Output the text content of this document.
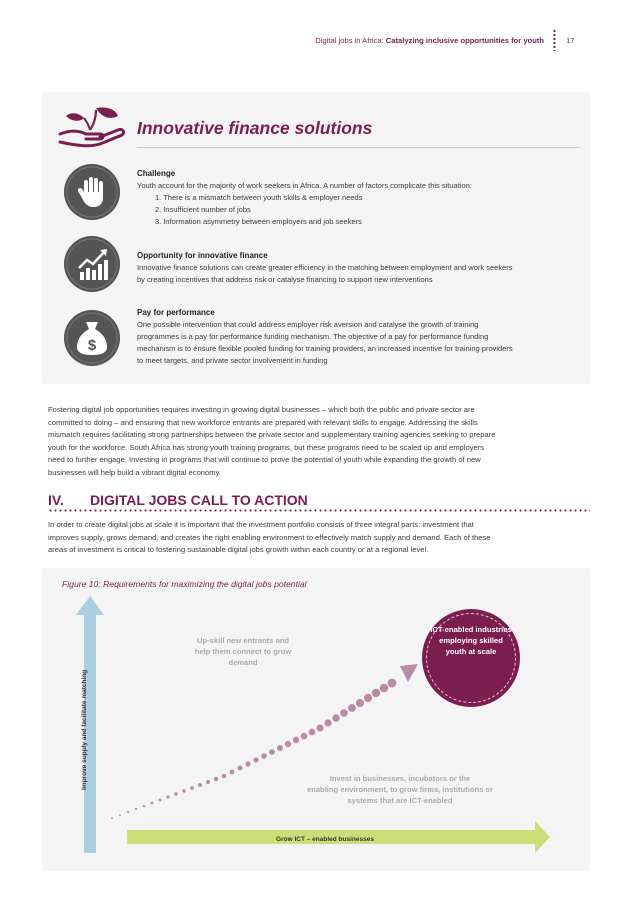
Digital jobs in Africa: Catalyzing inclusive opportunities for youth	17
Innovative finance solutions
$
Challenge
Youth account for the majority of work seekers in Africa. A number of factors complicate this situation:
1. There is a mismatch between youth skills & employer needs
2. Insufficient number of jobs
3. Information asymmetry between employers and job seekers
Opportunity for innovative finance
Innovative finance solutions can create greater efficiency in the matching between employment and work seekers
by creating incentives that address risk or catalyse financing to support new interventions
Pay for performance
One possible intervention that could address employer risk aversion and catalyse the growth of training
programmes is a pay for performance funding mechanism. The objective of a pay for performance funding
mechanism is to ensure flexible pooled funding for training providers, an increased incentive for training providers
to meet targets, and private sector involvement in funding
Fostering digital job opportunities requires investing in growing digital businesses – which both the public and private sector are
committed to doing – and ensuring that new workforce entrants are prepared with relevant skills to engage. Addressing the skills
mismatch requires facilitating strong partnerships between the private sector and supplementary training agencies seeking to prepare
youth for the workforce. South Africa has strong youth training programs, but these programs need to be scaled up and employers
need to further engage. Investing in programs that will continue to prove the potential of youth while expanding the growth of new
businesses will help build a vibrant digital economy.
IV. DIGITAL JOBS CALL TO ACTION
In order to create digital jobs at scale it is important that the investment portfolio consists of three integral parts: investment that
improves supply, grows demand, and creates the right enabling environment to effectively match supply and demand. Each of these
areas of investment is critical to fostering sustainable digital jobs growth within each country or at a regional level.
Figure 10: Requirements for maximizing the digital jobs potential
Up-skill new entrants and
help them connect to grow
demand
ICT-enabled industries
employing skilled
youth at scale
Invest in businesses, incubators or the
enabling environment, to grow firms, institutions or
systems that are ICT-enabled
Improve supply and facilitate matching
Grow ICT – enabled businesses
